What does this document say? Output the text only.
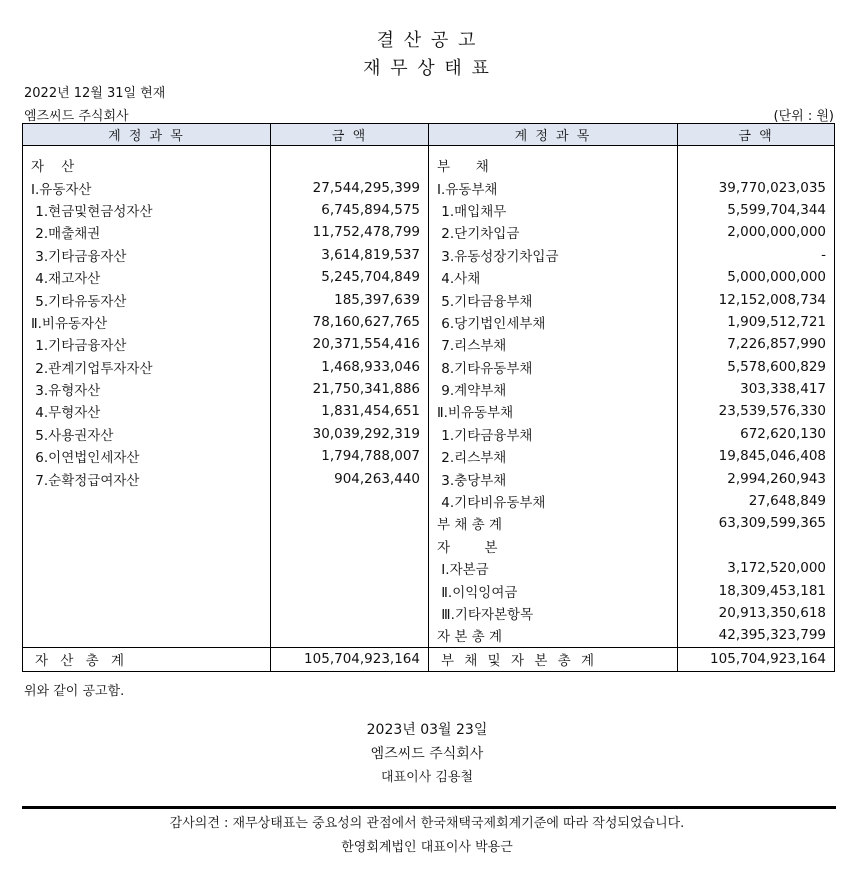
결 산 공 고
재 무 상 태 표
2022년 12월 31일 현재
엠즈씨드 주식회사	(단위 : 원)
계 정 과 목	금 액	계 정 과 목	금 액

자    산		부      채	
Ⅰ.유동자산	27,544,295,399	Ⅰ.유동부채	39,770,023,035
1.현금및현금성자산	6,745,894,575	1.매입채무	5,599,704,344
2.매출채권	11,752,478,799	2.단기차입금	2,000,000,000
3.기타금융자산	3,614,819,537	3.유동성장기차입금	-
4.재고자산	5,245,704,849	4.사채	5,000,000,000
5.기타유동자산	185,397,639	5.기타금융부채	12,152,008,734
Ⅱ.비유동자산	78,160,627,765	6.당기법인세부채	1,909,512,721
1.기타금융자산	20,371,554,416	7.리스부채	7,226,857,990
2.관계기업투자자산	1,468,933,046	8.기타유동부채	5,578,600,829
3.유형자산	21,750,341,886	9.계약부채	303,338,417
4.무형자산	1,831,454,651	Ⅱ.비유동부채	23,539,576,330
5.사용권자산	30,039,292,319	1.기타금융부채	672,620,130
6.이연법인세자산	1,794,788,007	2.리스부채	19,845,046,408
7.순확정급여자산	904,263,440	3.충당부채	2,994,260,943
		4.기타비유동부채	27,648,849
		부 채 총 계	63,309,599,365
		자        본	
		Ⅰ.자본금	3,172,520,000
		Ⅱ.이익잉여금	18,309,453,181
		Ⅲ.기타자본항목	20,913,350,618
		자 본 총 계	42,395,323,799
자 산 총 계	105,704,923,164	부 채 및 자 본 총 계	105,704,923,164
위와 같이 공고함.
2023년 03월 23일
엠즈씨드 주식회사
대표이사 김용철
감사의견 : 재무상태표는 중요성의 관점에서 한국채택국제회계기준에 따라 작성되었습니다.
한영회계법인 대표이사 박용근
